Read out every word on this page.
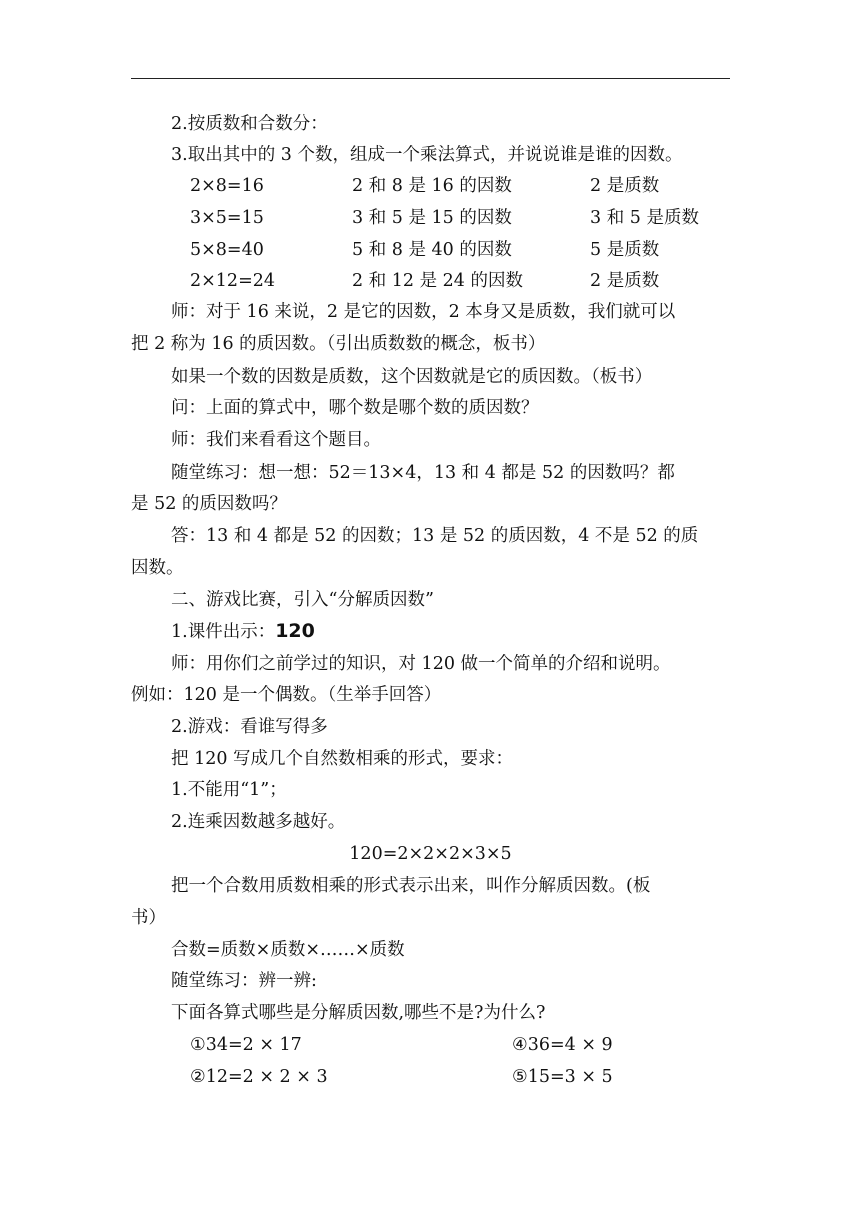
2.按质数和合数分：
3.取出其中的 3 个数，组成一个乘法算式，并说说谁是谁的因数。
2×8=16	2 和 8 是 16 的因数	2 是质数
3×5=15	3 和 5 是 15 的因数	3 和 5 是质数
5×8=40	5 和 8 是 40 的因数	5 是质数
2×12=24	2 和 12 是 24 的因数	2 是质数
师：对于 16 来说，2 是它的因数，2 本身又是质数，我们就可以
把 2 称为 16 的质因数。（引出质数数的概念，板书）
如果一个数的因数是质数，这个因数就是它的质因数。（板书）
问：上面的算式中，哪个数是哪个数的质因数？
师：我们来看看这个题目。
随堂练习：想一想：52＝13×4，13 和 4 都是 52 的因数吗？都
是 52 的质因数吗？
答：13 和 4 都是 52 的因数；13 是 52 的质因数，4 不是 52 的质
因数。
二、游戏比赛，引入“分解质因数”
1.课件出示：120
师：用你们之前学过的知识，对 120 做一个简单的介绍和说明。
例如：120 是一个偶数。（生举手回答）
2.游戏：看谁写得多
把 120 写成几个自然数相乘的形式，要求：
1.不能用“1”；
2.连乘因数越多越好。
120=2×2×2×3×5
把一个合数用质数相乘的形式表示出来，叫作分解质因数。(板
书）
合数=质数×质数×……×质数
随堂练习：辨一辨:
下面各算式哪些是分解质因数,哪些不是?为什么?
①34=2 × 17	④36=4 × 9
②12=2 × 2 × 3	⑤15=3 × 5
